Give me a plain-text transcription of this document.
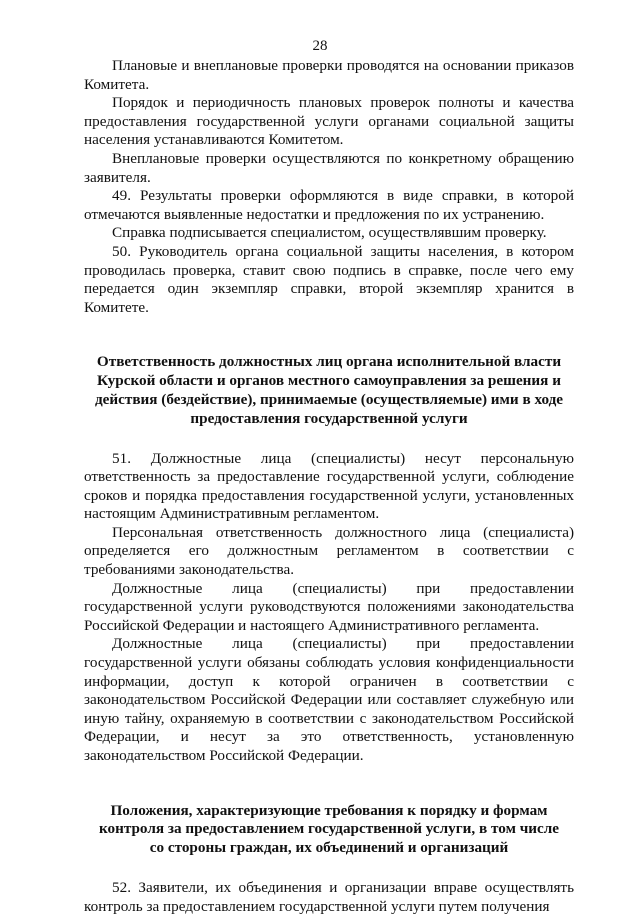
28

Плановые и внеплановые проверки проводятся на основании приказов Комитета.

Порядок и периодичность плановых проверок полноты и качества предоставления государственной услуги органами социальной защиты населения устанавливаются Комитетом.

Внеплановые проверки осуществляются по конкретному обращению заявителя.

49. Результаты проверки оформляются в виде справки, в которой отмечаются выявленные недостатки и предложения по их устранению.

Справка подписывается специалистом, осуществлявшим проверку.

50. Руководитель органа социальной защиты населения, в котором проводилась проверка, ставит свою подпись в справке, после чего ему передается один экземпляр справки, второй экземпляр хранится в Комитете.

Ответственность должностных лиц органа исполнительной власти Курской области и органов местного самоуправления за решения и действия (бездействие), принимаемые (осуществляемые) ими в ходе предоставления государственной услуги

51. Должностные лица (специалисты) несут персональную ответственность за предоставление государственной услуги, соблюдение сроков и порядка предоставления государственной услуги, установленных настоящим Административным регламентом.

Персональная ответственность должностного лица (специалиста) определяется его должностным регламентом в соответствии с требованиями законодательства.

Должностные лица (специалисты) при предоставлении государственной услуги руководствуются положениями законодательства Российской Федерации и настоящего Административного регламента.

Должностные лица (специалисты) при предоставлении государственной услуги обязаны соблюдать условия конфиденциальности информации, доступ к которой ограничен в соответствии с законодательством Российской Федерации или составляет служебную или иную тайну, охраняемую в соответствии с законодательством Российской Федерации, и несут за это ответственность, установленную законодательством Российской Федерации.

Положения, характеризующие требования к порядку и формам контроля за предоставлением государственной услуги, в том числе со стороны граждан, их объединений и организаций

52. Заявители, их объединения и организации вправе осуществлять контроль за предоставлением государственной услуги путем получения
